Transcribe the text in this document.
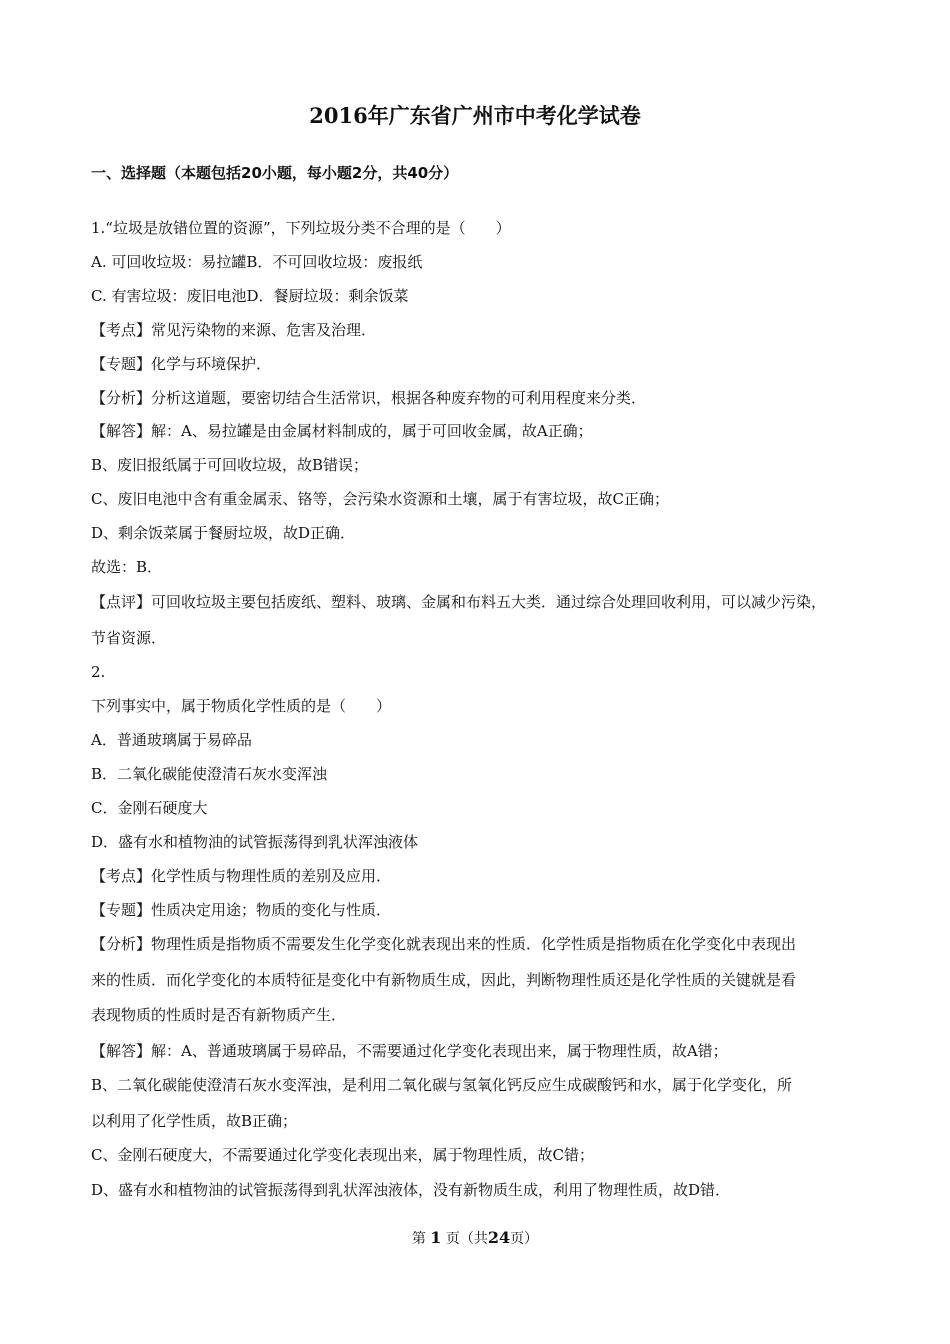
2016年广东省广州市中考化学试卷
一、选择题（本题包括20小题，每小题2分，共40分）

1.“垃圾是放错位置的资源”，下列垃圾分类不合理的是（　　）

A. 可回收垃圾：易拉罐B．不可回收垃圾：废报纸

C. 有害垃圾：废旧电池D．餐厨垃圾：剩余饭菜

【考点】常见污染物的来源、危害及治理．

【专题】化学与环境保护．

【分析】分析这道题，要密切结合生活常识，根据各种废弃物的可利用程度来分类．

【解答】解：A、易拉罐是由金属材料制成的，属于可回收金属，故A正确；

B、废旧报纸属于可回收垃圾，故B错误；

C、废旧电池中含有重金属汞、铬等，会污染水资源和土壤，属于有害垃圾，故C正确；

D、剩余饭菜属于餐厨垃圾，故D正确．

故选：B．

【点评】可回收垃圾主要包括废纸、塑料、玻璃、金属和布料五大类．通过综合处理回收利用，可以减少污染，

节省资源．

2.

下列事实中，属于物质化学性质的是（　　）

A．普通玻璃属于易碎品

B．二氧化碳能使澄清石灰水变浑浊

C．金刚石硬度大

D．盛有水和植物油的试管振荡得到乳状浑浊液体

【考点】化学性质与物理性质的差别及应用．

【专题】性质决定用途；物质的变化与性质．

【分析】物理性质是指物质不需要发生化学变化就表现出来的性质．化学性质是指物质在化学变化中表现出

来的性质．而化学变化的本质特征是变化中有新物质生成，因此，判断物理性质还是化学性质的关键就是看

表现物质的性质时是否有新物质产生．

【解答】解：A、普通玻璃属于易碎品，不需要通过化学变化表现出来，属于物理性质，故A错；

B、二氧化碳能使澄清石灰水变浑浊，是利用二氧化碳与氢氧化钙反应生成碳酸钙和水，属于化学变化，所

以利用了化学性质，故B正确；

C、金刚石硬度大，不需要通过化学变化表现出来，属于物理性质，故C错；

D、盛有水和植物油的试管振荡得到乳状浑浊液体，没有新物质生成，利用了物理性质，故D错．

第 1 页（共24页）
